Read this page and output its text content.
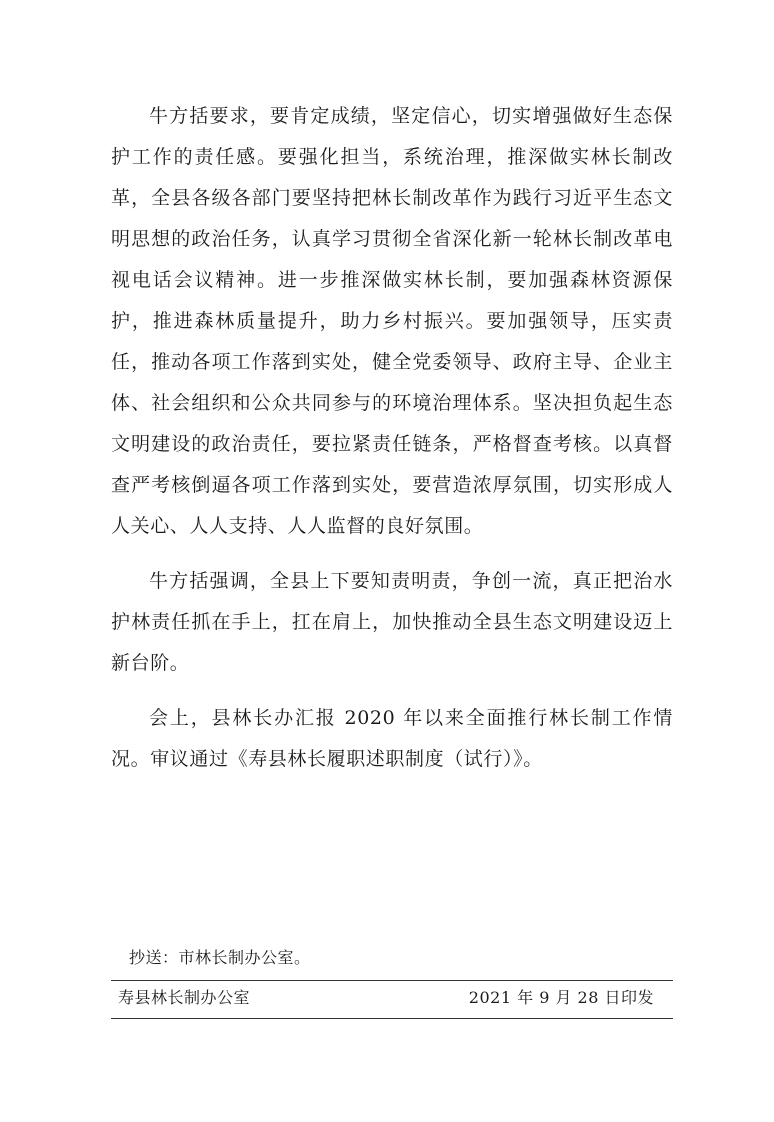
牛方括要求，要肯定成绩，坚定信心，切实增强做好生态保护工作的责任感。要强化担当，系统治理，推深做实林长制改革，全县各级各部门要坚持把林长制改革作为践行习近平生态文明思想的政治任务，认真学习贯彻全省深化新一轮林长制改革电视电话会议精神。进一步推深做实林长制，要加强森林资源保护，推进森林质量提升，助力乡村振兴。要加强领导，压实责任，推动各项工作落到实处，健全党委领导、政府主导、企业主体、社会组织和公众共同参与的环境治理体系。坚决担负起生态文明建设的政治责任，要拉紧责任链条，严格督查考核。以真督查严考核倒逼各项工作落到实处，要营造浓厚氛围，切实形成人人关心、人人支持、人人监督的良好氛围。

牛方括强调，全县上下要知责明责，争创一流，真正把治水护林责任抓在手上，扛在肩上，加快推动全县生态文明建设迈上新台阶。

会上，县林长办汇报 2020 年以来全面推行林长制工作情况。审议通过《寿县林长履职述职制度（试行）》。

抄送：市林长制办公室。
寿县林长制办公室	2021 年 9 月 28 日印发
